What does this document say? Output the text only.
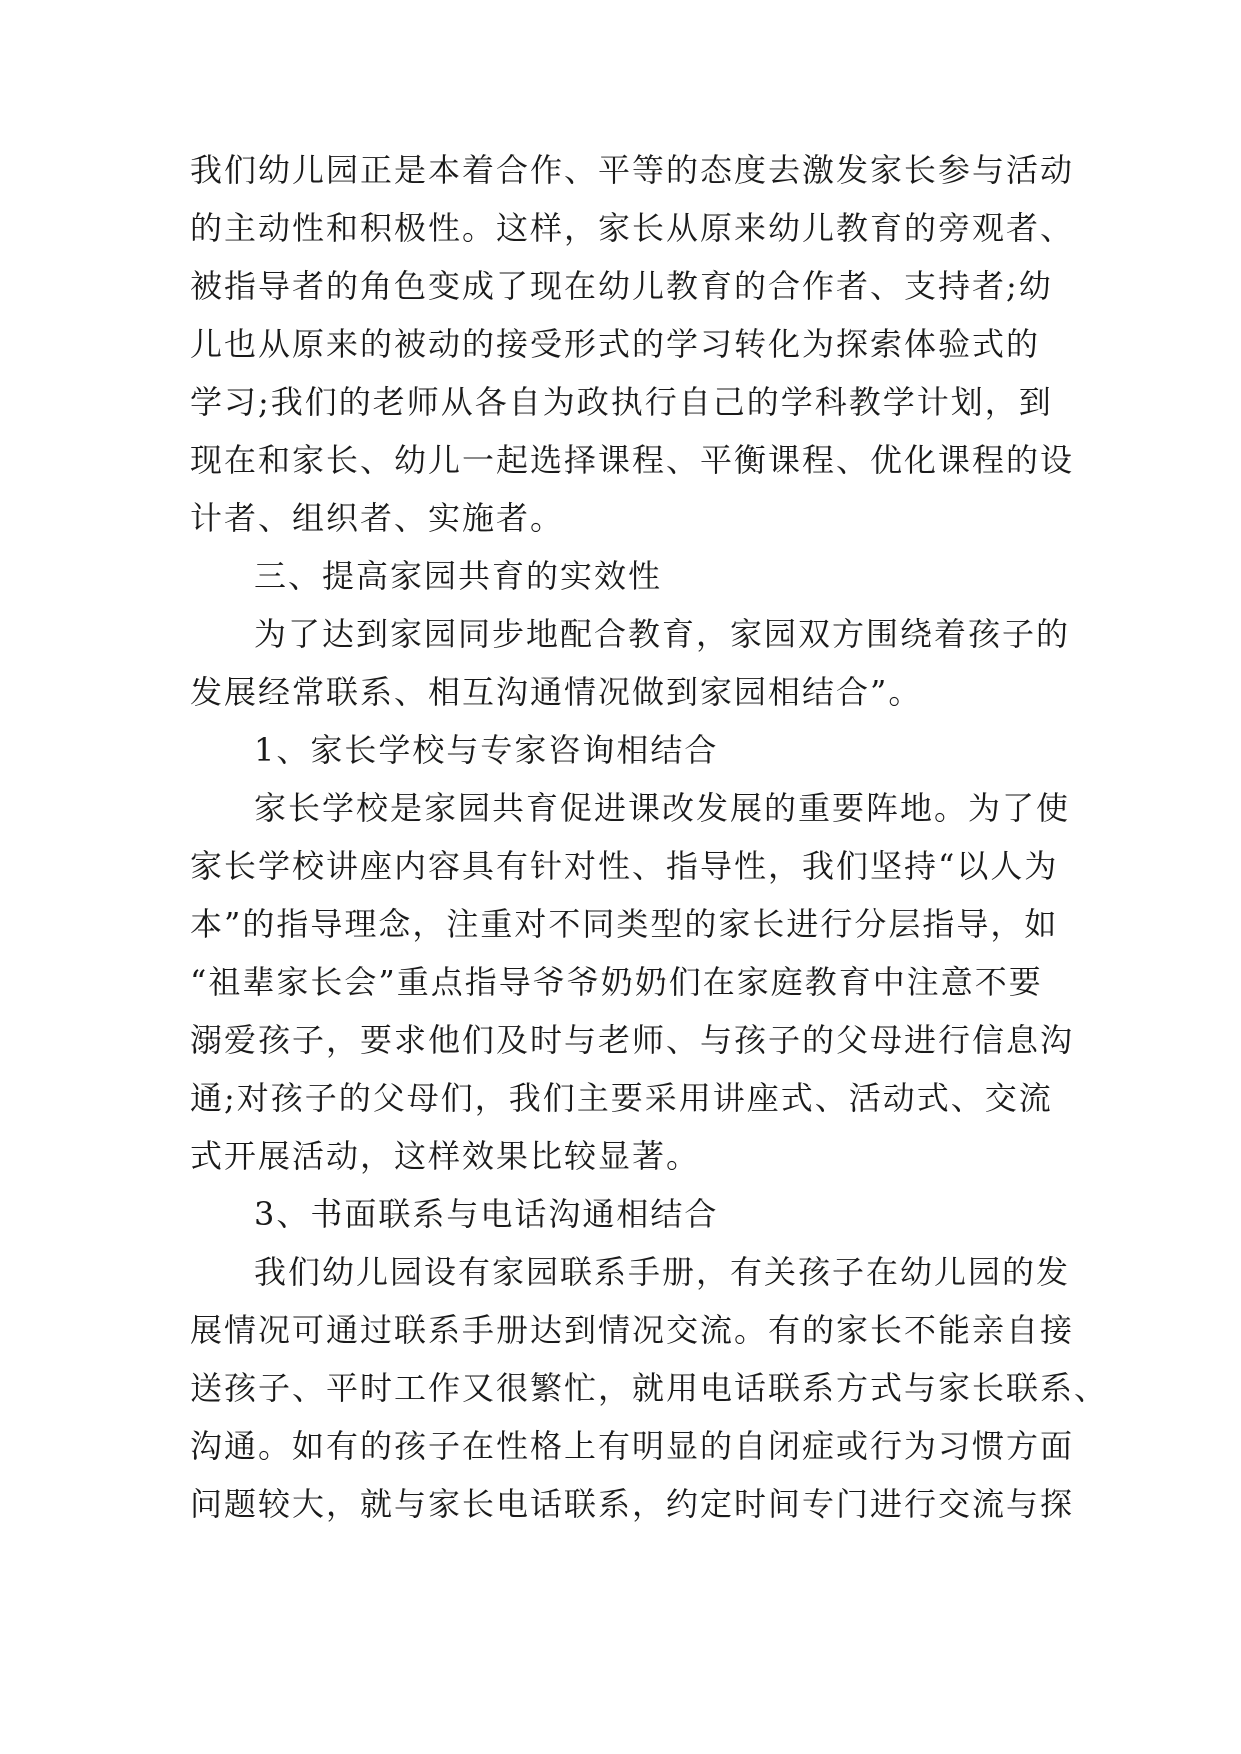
我们幼儿园正是本着合作、平等的态度去激发家长参与活动
的主动性和积极性。这样，家长从原来幼儿教育的旁观者、
被指导者的角色变成了现在幼儿教育的合作者、支持者;幼
儿也从原来的被动的接受形式的学习转化为探索体验式的
学习;我们的老师从各自为政执行自己的学科教学计划，到
现在和家长、幼儿一起选择课程、平衡课程、优化课程的设
计者、组织者、实施者。
三、提高家园共育的实效性
为了达到家园同步地配合教育，家园双方围绕着孩子的
发展经常联系、相互沟通情况做到家园相结合”。
1、家长学校与专家咨询相结合
家长学校是家园共育促进课改发展的重要阵地。为了使
家长学校讲座内容具有针对性、指导性，我们坚持“以人为
本”的指导理念，注重对不同类型的家长进行分层指导，如
“祖辈家长会”重点指导爷爷奶奶们在家庭教育中注意不要
溺爱孩子，要求他们及时与老师、与孩子的父母进行信息沟
通;对孩子的父母们，我们主要采用讲座式、活动式、交流
式开展活动，这样效果比较显著。
3、书面联系与电话沟通相结合
我们幼儿园设有家园联系手册，有关孩子在幼儿园的发
展情况可通过联系手册达到情况交流。有的家长不能亲自接
送孩子、平时工作又很繁忙，就用电话联系方式与家长联系、
沟通。如有的孩子在性格上有明显的自闭症或行为习惯方面
问题较大，就与家长电话联系，约定时间专门进行交流与探
